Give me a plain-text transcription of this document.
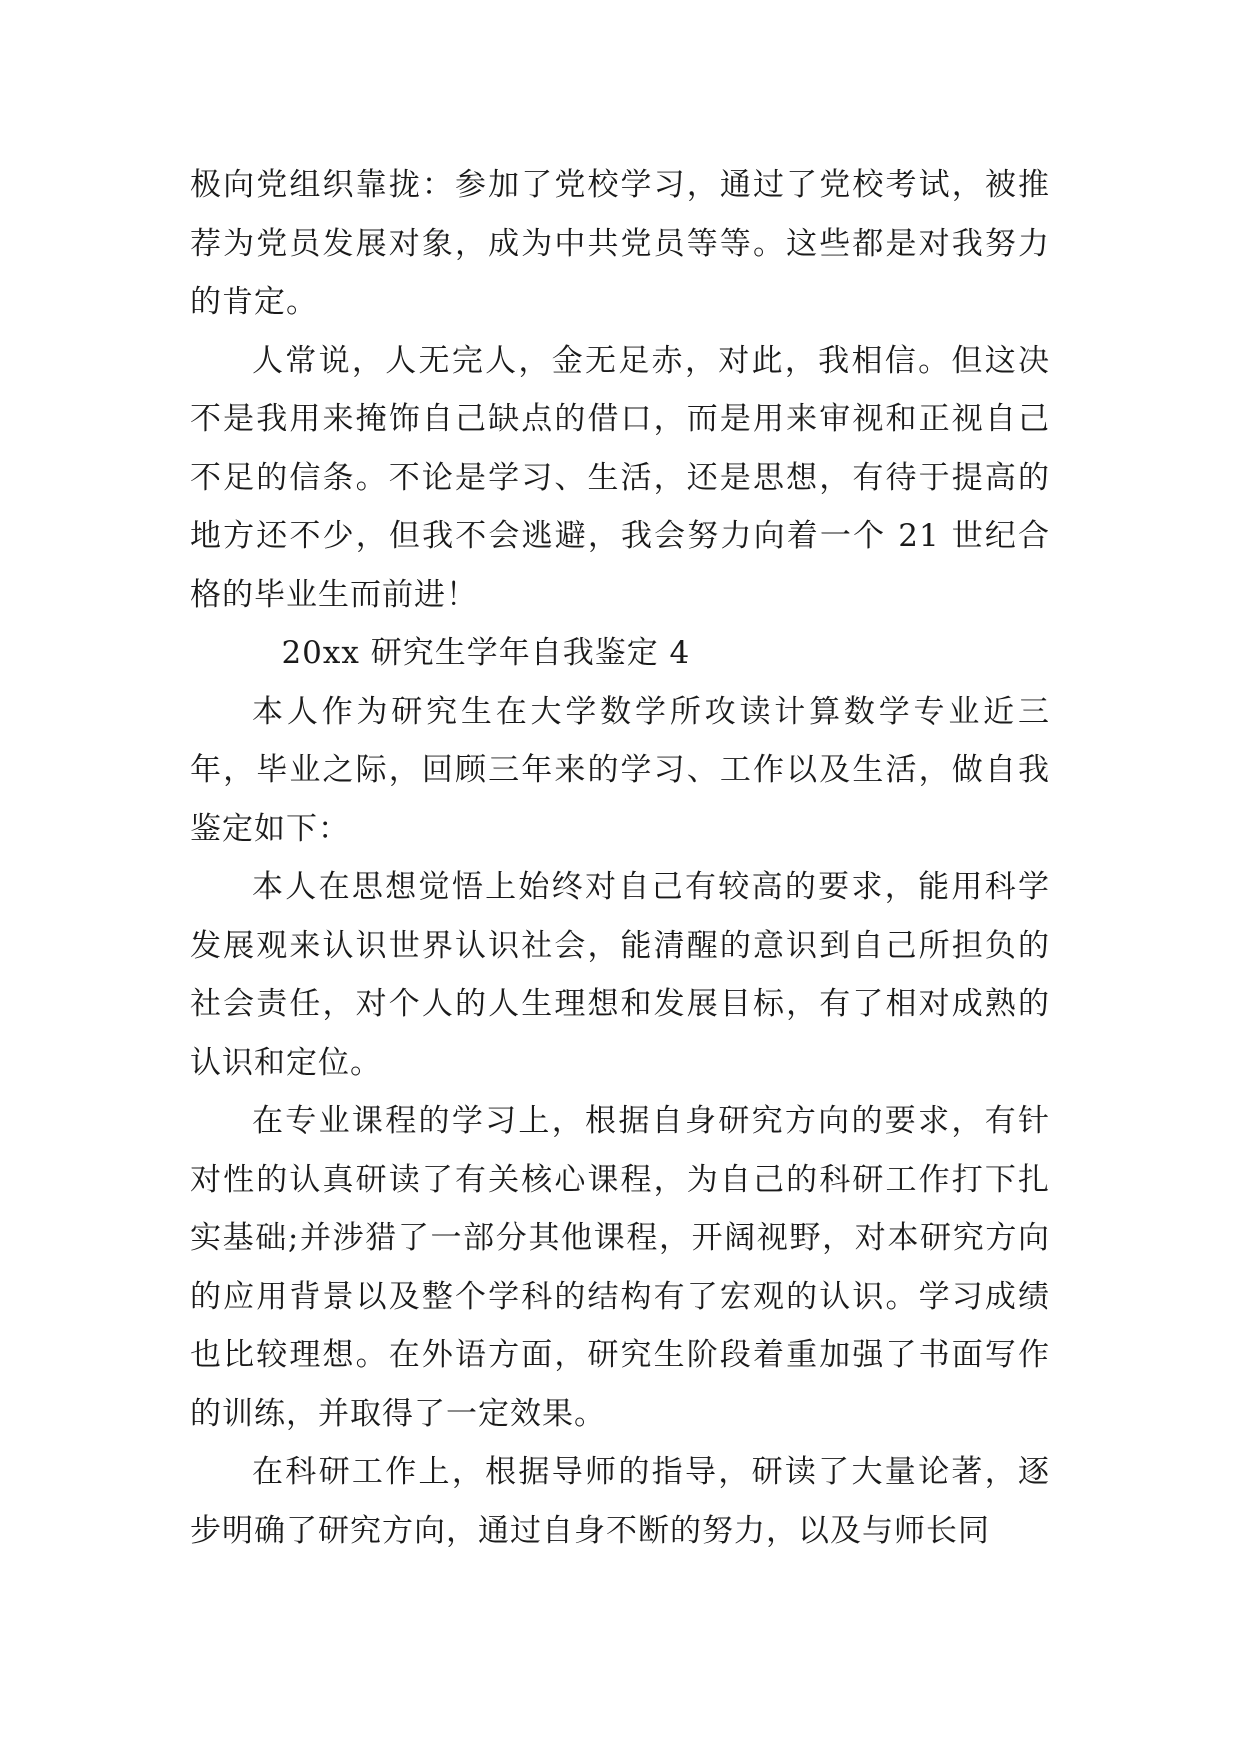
极向党组织靠拢：参加了党校学习，通过了党校考试，被推荐为党员发展对象，成为中共党员等等。这些都是对我努力的肯定。

人常说，人无完人，金无足赤，对此，我相信。但这决不是我用来掩饰自己缺点的借口，而是用来审视和正视自己不足的信条。不论是学习、生活，还是思想，有待于提高的地方还不少，但我不会逃避，我会努力向着一个 21 世纪合格的毕业生而前进！

20xx 研究生学年自我鉴定 4

本人作为研究生在大学数学所攻读计算数学专业近三年，毕业之际，回顾三年来的学习、工作以及生活，做自我鉴定如下：

本人在思想觉悟上始终对自己有较高的要求，能用科学发展观来认识世界认识社会，能清醒的意识到自己所担负的社会责任，对个人的人生理想和发展目标，有了相对成熟的认识和定位。

在专业课程的学习上，根据自身研究方向的要求，有针对性的认真研读了有关核心课程，为自己的科研工作打下扎实基础;并涉猎了一部分其他课程，开阔视野，对本研究方向的应用背景以及整个学科的结构有了宏观的认识。学习成绩也比较理想。在外语方面，研究生阶段着重加强了书面写作的训练，并取得了一定效果。

在科研工作上，根据导师的指导，研读了大量论著，逐步明确了研究方向，通过自身不断的努力，以及与师长同
